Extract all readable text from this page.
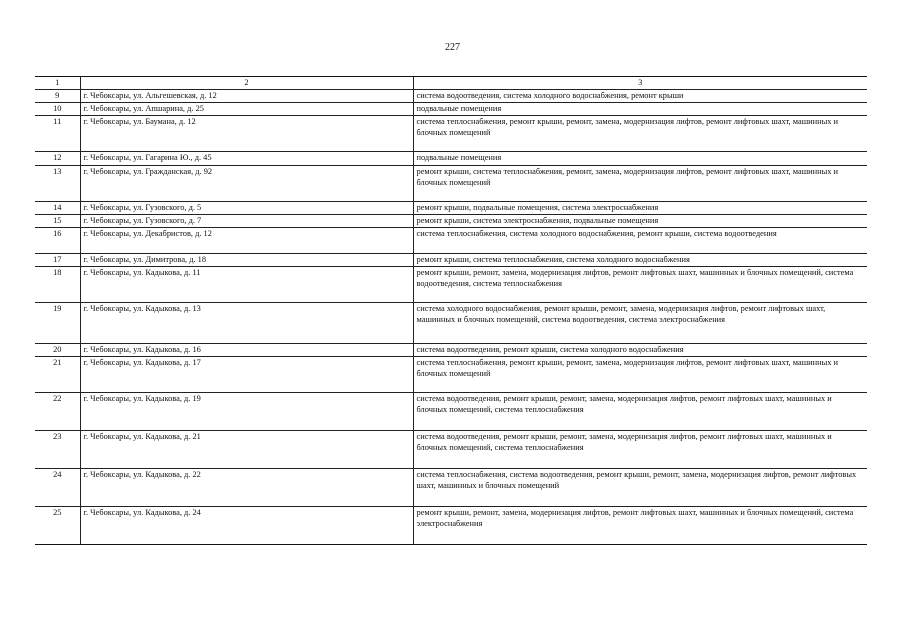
227
1	2	3
9	г. Чебоксары, ул. Альгешевская, д. 12	система водоотведения, система холодного водоснабжения, ремонт крыши
10	г. Чебоксары, ул. Апшарина, д. 25	подвальные помещения
11	г. Чебоксары, ул. Баумана, д. 12	система теплоснабжения, ремонт крыши, ремонт, замена, модернизация лифтов, ремонт лифтовых шахт, машинных и блочных помещений
12	г. Чебоксары, ул. Гагарина Ю., д. 45	подвальные помещения
13	г. Чебоксары, ул. Гражданская, д. 92	ремонт крыши, система теплоснабжения, ремонт, замена, модернизация лифтов, ремонт лифтовых шахт, машинных и блочных помещений
14	г. Чебоксары, ул. Гузовского, д. 5	ремонт крыши, подвальные помещения, система электроснабжения
15	г. Чебоксары, ул. Гузовского, д. 7	ремонт крыши, система электроснабжения, подвальные помещения
16	г. Чебоксары, ул. Декабристов, д. 12	система теплоснабжения, система холодного водоснабжения, ремонт крыши, система водоотведения
17	г. Чебоксары, ул. Димитрова, д. 18	ремонт крыши, система теплоснабжения, система холодного водоснабжения
18	г. Чебоксары, ул. Кадыкова, д. 11	ремонт крыши, ремонт, замена, модернизация лифтов, ремонт лифтовых шахт, машинных и блочных помещений, система водоотведения, система теплоснабжения
19	г. Чебоксары, ул. Кадыкова, д. 13	система холодного водоснабжения, ремонт крыши, ремонт, замена, модернизация лифтов, ремонт лифтовых шахт, машинных и блочных помещений, система водоотведения, система электроснабжения
20	г. Чебоксары, ул. Кадыкова, д. 16	система водоотведения, ремонт крыши, система холодного водоснабжения
21	г. Чебоксары, ул. Кадыкова, д. 17	система теплоснабжения, ремонт крыши, ремонт, замена, модернизация лифтов, ремонт лифтовых шахт, машинных и блочных помещений
22	г. Чебоксары, ул. Кадыкова, д. 19	система водоотведения, ремонт крыши, ремонт, замена, модернизация лифтов, ремонт лифтовых шахт, машинных и блочных помещений, система теплоснабжения
23	г. Чебоксары, ул. Кадыкова, д. 21	система водоотведения, ремонт крыши, ремонт, замена, модернизация лифтов, ремонт лифтовых шахт, машинных и блочных помещений, система теплоснабжения
24	г. Чебоксары, ул. Кадыкова, д. 22	система теплоснабжения, система водоотведения, ремонт крыши, ремонт, замена, модернизация лифтов, ремонт лифтовых шахт, машинных и блочных помещений
25	г. Чебоксары, ул. Кадыкова, д. 24	ремонт крыши, ремонт, замена, модернизация лифтов, ремонт лифтовых шахт, машинных и блочных помещений, система электроснабжения
